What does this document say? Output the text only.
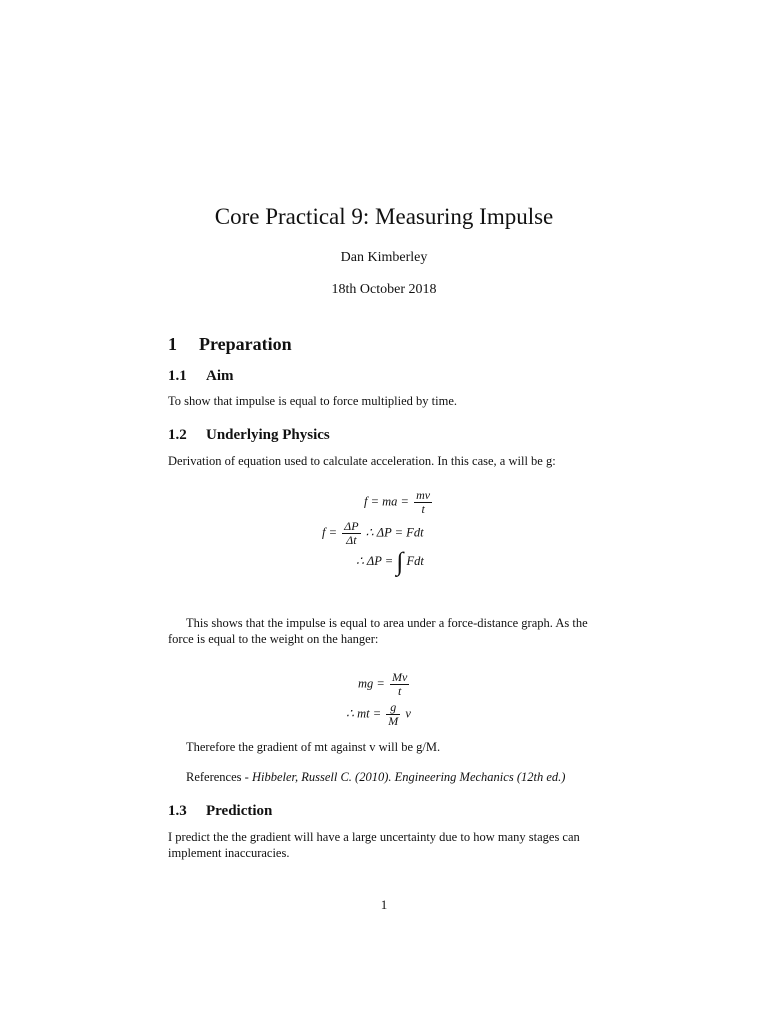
Core Practical 9: Measuring Impulse
Dan Kimberley
18th October 2018
1 Preparation
1.1 Aim
To show that impulse is equal to force multiplied by time.
1.2 Underlying Physics
Derivation of equation used to calculate acceleration. In this case, a will be g:
f = ma = $\frac{mv}{t}$
$f = \frac{\Delta P}{\Delta t}$ ∴ ΔP = Fdt
∴ ΔP = ∫ Fdt
This shows that the impulse is equal to area under a force-distance graph. As the force is equal to the weight on the hanger:
mg = $\frac{Mv}{t}$
∴ mt = $\frac{g}{M}$ v
Therefore the gradient of mt against v will be g/M.
References - Hibbeler, Russell C. (2010). Engineering Mechanics (12th ed.)
1.3 Prediction
I predict the the gradient will have a large uncertainty due to how many stages can implement inaccuracies.
1
